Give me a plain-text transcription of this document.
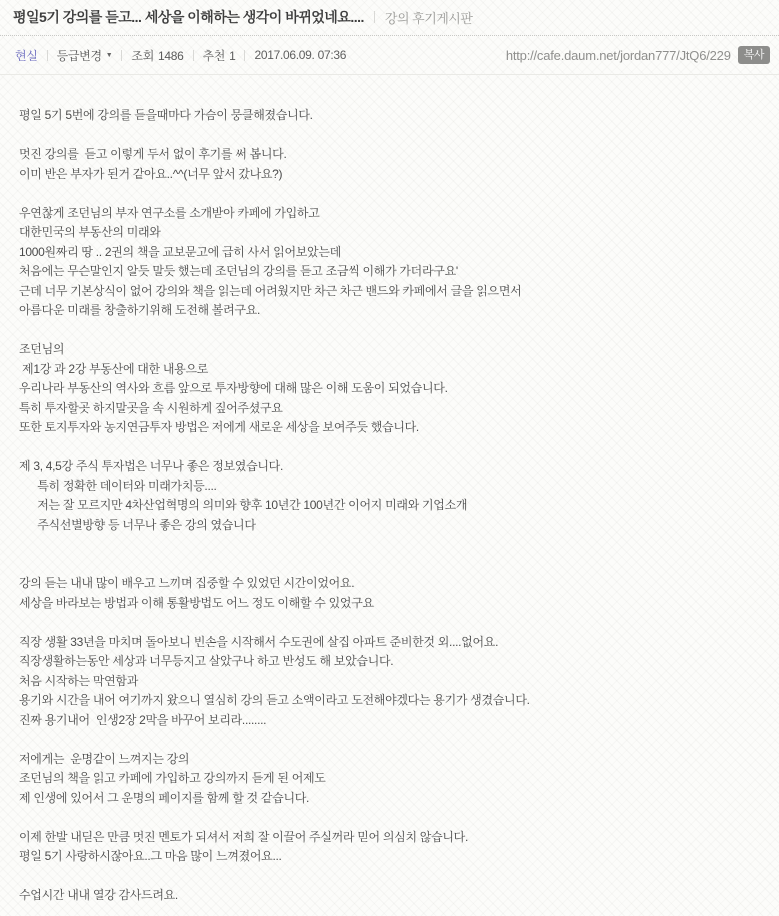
평일5기 강의를 듣고... 세상을 이해하는 생각이 바뀌었네요.... 강의 후기게시판
현실 등급변경 ▼ 조회 1486 추천 1 2017.06.09. 07:36	http://cafe.daum.net/jordan777/JtQ6/229	복사
평일 5기 5번에 강의를 듣을때마다 가슴이 뭉클해졌습니다.
멋진 강의를  듣고 이렇게 두서 없이 후기를 써 봅니다.
이미 반은 부자가 된거 같아요..^^(너무 앞서 갔나요?)
우연찮게 조던님의 부자 연구소를 소개받아 카페에 가입하고
대한민국의 부동산의 미래와
1000원짜리 땅 .. 2권의 책을 교보문고에 급히 사서 읽어보았는데
처음에는 무슨말인지 알듯 말듯 했는데 조던님의 강의를 듣고 조금씩 이해가 가더라구요'
근데 너무 기본상식이 없어 강의와 책을 읽는데 어려웠지만 차근 차근 밴드와 카페에서 글을 읽으면서
아름다운 미래를 창출하기위해 도전해 볼려구요.
조던님의
제1강 과 2강 부동산에 대한 내용으로
우리나라 부동산의 역사와 흐름 앞으로 투자방향에 대해 많은 이해 도움이 되었습니다.
특히 투자할곳 하지말곳을 속 시원하게 짚어주셨구요
또한 토지투자와 농지연금투자 방법은 저에게 새로운 세상을 보여주듯 했습니다.
제 3, 4,5강 주식 투자법은 너무나 좋은 정보였습니다.
특히 정확한 데이터와 미래가치등....
저는 잘 모르지만 4차산업혁명의 의미와 향후 10년간 100년간 이어지 미래와 기업소개
주식선별방향 등 너무나 좋은 강의 였습니다
강의 듣는 내내 많이 배우고 느끼며 집중할 수 있었던 시간이었어요.
세상을 바라보는 방법과 이해 통활방법도 어느 정도 이해할 수 있었구요
직장 생활 33년을 마치며 돌아보니 빈손을 시작해서 수도권에 살집 아파트 준비한것 외....없어요.
직장생활하는동안 세상과 너무등지고 살았구나 하고 반성도 해 보았습니다.
처음 시작하는 막연함과
용기와 시간을 내어 여기까지 왔으니 열심히 강의 듣고 소액이라고 도전해야겠다는 용기가 생겼습니다.
진짜 용기내어  인생2장 2막을 바꾸어 보리라........
저에게는  운명같이 느껴지는 강의
조던님의 책을 읽고 카페에 가입하고 강의까지 듣게 된 어제도
제 인생에 있어서 그 운명의 페이지를 함께 할 것 같습니다.
이제 한발 내딛은 만큼 멋진 멘토가 되셔서 저희 잘 이끌어 주실꺼라 믿어 의심치 않습니다.
평일 5기 사랑하시잖아요..그 마음 많이 느껴졌어요...
수업시간 내내 열강 감사드려요.
